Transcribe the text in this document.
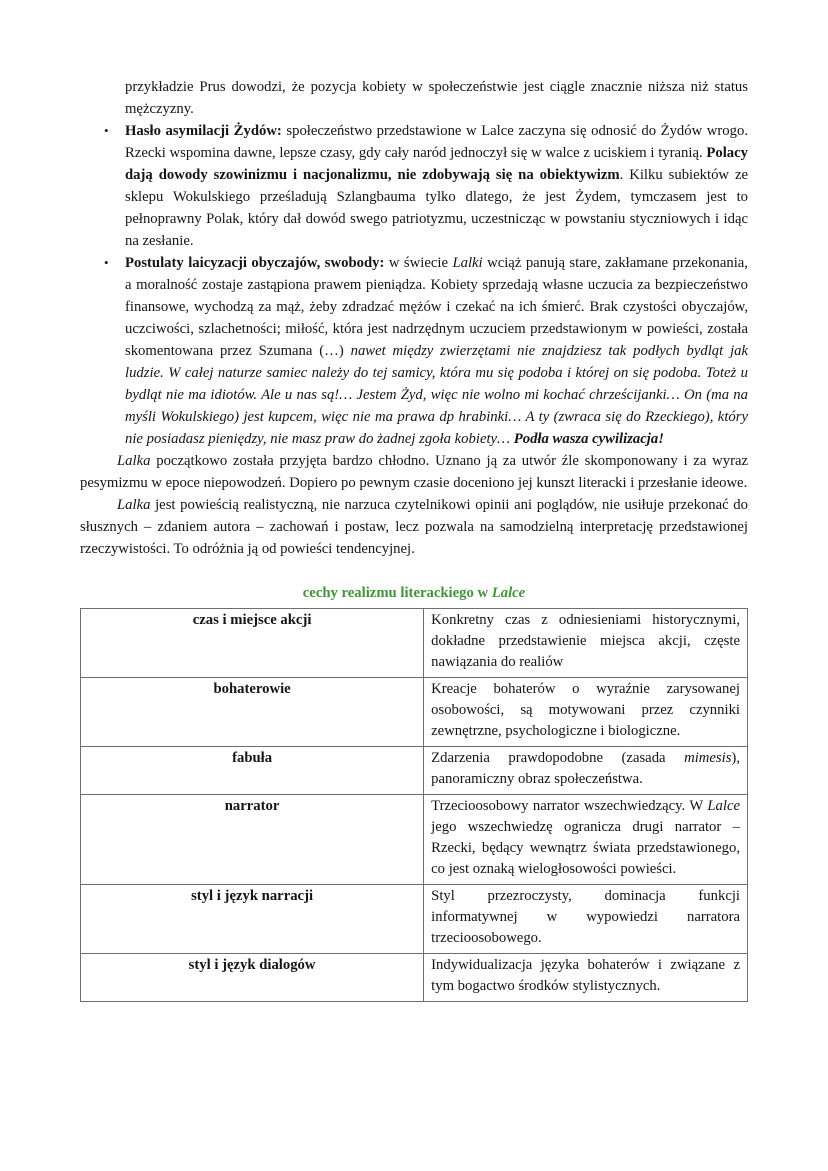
przykładzie Prus dowodzi, że pozycja kobiety w społeczeństwie jest ciągle znacznie niższa niż status mężczyzny.

• Hasło asymilacji Żydów: społeczeństwo przedstawione w Lalce zaczyna się odnosić do Żydów wrogo. Rzecki wspomina dawne, lepsze czasy, gdy cały naród jednoczył się w walce z uciskiem i tyranią. Polacy dają dowody szowinizmu i nacjonalizmu, nie zdobywają się na obiektywizm. Kilku subiektów ze sklepu Wokulskiego prześladują Szlangbauma tylko dlatego, że jest Żydem, tymczasem jest to pełnoprawny Polak, który dał dowód swego patriotyzmu, uczestnicząc w powstaniu styczniowych i idąc na zesłanie.
• Postulaty laicyzacji obyczajów, swobody: w świecie Lalki wciąż panują stare, zakłamane przekonania, a moralność zostaje zastąpiona prawem pieniądza. Kobiety sprzedają własne uczucia za bezpieczeństwo finansowe, wychodzą za mąż, żeby zdradzać mężów i czekać na ich śmierć. Brak czystości obyczajów, uczciwości, szlachetności; miłość, która jest nadrzędnym uczuciem przedstawionym w powieści, została skomentowana przez Szumana (…) nawet między zwierzętami nie znajdziesz tak podłych bydląt jak ludzie. W całej naturze samiec należy do tej samicy, która mu się podoba i której on się podoba. Toteż u bydląt nie ma idiotów. Ale u nas są!… Jestem Żyd, więc nie wolno mi kochać chrześcijanki… On (ma na myśli Wokulskiego) jest kupcem, więc nie ma prawa dp hrabinki… A ty (zwraca się do Rzeckiego), który nie posiadasz pieniędzy, nie masz praw do żadnej zgoła kobiety… Podła wasza cywilizacja!

Lalka początkowo została przyjęta bardzo chłodno. Uznano ją za utwór źle skomponowany i za wyraz pesymizmu w epoce niepowodzeń. Dopiero po pewnym czasie doceniono jej kunszt literacki i przesłanie ideowe.

Lalka jest powieścią realistyczną, nie narzuca czytelnikowi opinii ani poglądów, nie usiłuje przekonać do słusznych – zdaniem autora – zachowań i postaw, lecz pozwala na samodzielną interpretację przedstawionej rzeczywistości. To odróżnia ją od powieści tendencyjnej.

cechy realizmu literackiego w Lalce
czas i miejsce akcji	Konkretny czas z odniesieniami historycznymi, dokładne przedstawienie miejsca akcji, częste nawiązania do realiów
bohaterowie	Kreacje bohaterów o wyraźnie zarysowanej osobowości, są motywowani przez czynniki zewnętrzne, psychologiczne i biologiczne.
fabuła	Zdarzenia prawdopodobne (zasada mimesis), panoramiczny obraz społeczeństwa.
narrator	Trzecioosobowy narrator wszechwiedzący. W Lalce jego wszechwiedzę ogranicza drugi narrator – Rzecki, będący wewnątrz świata przedstawionego, co jest oznaką wielogłosowości powieści.
styl i język narracji	Styl przezroczysty, dominacja funkcji informatywnej w wypowiedzi narratora trzecioosobowego.
styl i język dialogów	Indywidualizacja języka bohaterów i związane z tym bogactwo środków stylistycznych.
